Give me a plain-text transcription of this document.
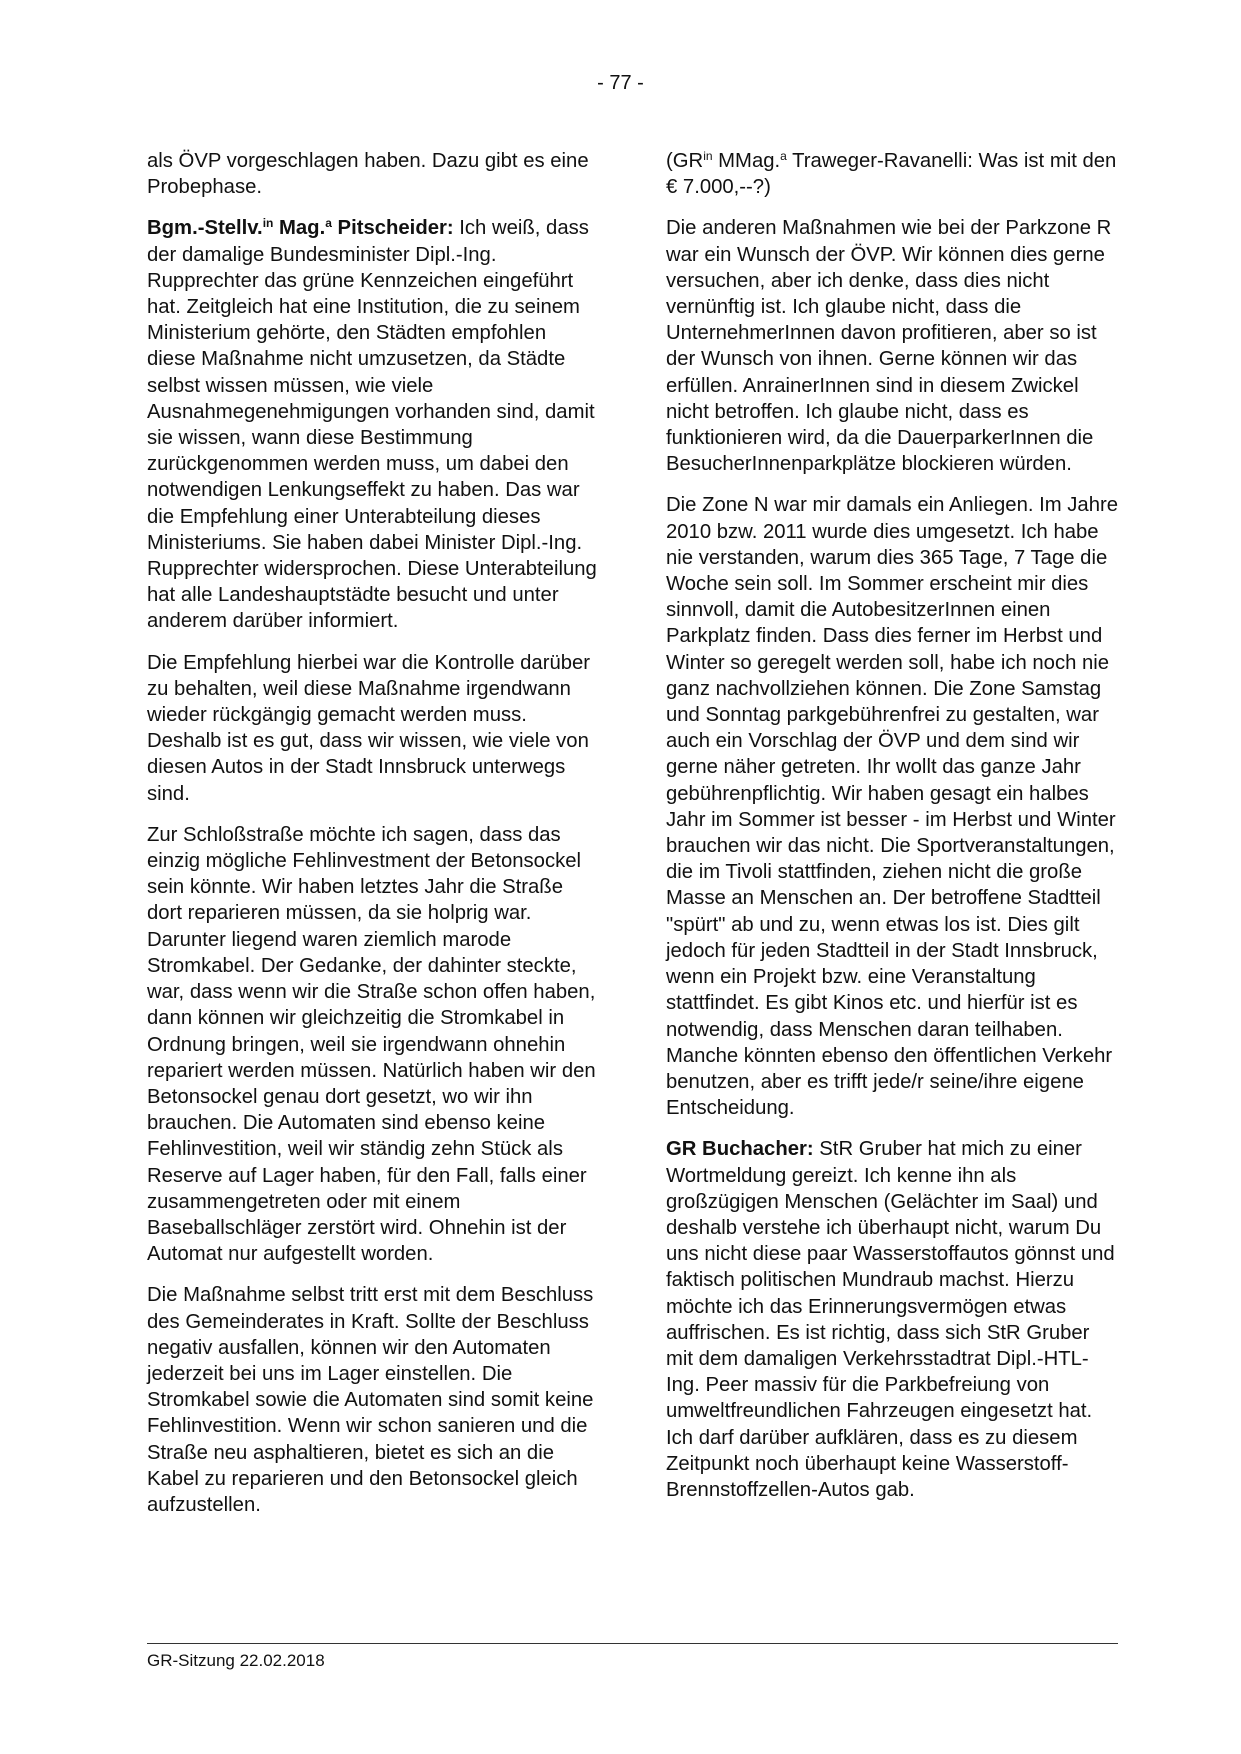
- 77 -

als ÖVP vorgeschlagen haben. Dazu gibt es eine Probephase.

Bgm.-Stellv.$^{in}$ Mag.$^a$ Pitscheider: Ich weiß, dass der damalige Bundesminister Dipl.-Ing. Rupprechter das grüne Kennzeichen eingeführt hat. Zeitgleich hat eine Institution, die zu seinem Ministerium gehörte, den Städten empfohlen diese Maßnahme nicht umzusetzen, da Städte selbst wissen müssen, wie viele Ausnahmegenehmigungen vorhanden sind, damit sie wissen, wann diese Bestimmung zurückgenommen werden muss, um dabei den notwendigen Lenkungseffekt zu haben. Das war die Empfehlung einer Unterabteilung dieses Ministeriums. Sie haben dabei Minister Dipl.-Ing. Rupprechter widersprochen. Diese Unterabteilung hat alle Landeshauptstädte besucht und unter anderem darüber informiert.

Die Empfehlung hierbei war die Kontrolle darüber zu behalten, weil diese Maßnahme irgendwann wieder rückgängig gemacht werden muss. Deshalb ist es gut, dass wir wissen, wie viele von diesen Autos in der Stadt Innsbruck unterwegs sind.

Zur Schloßstraße möchte ich sagen, dass das einzig mögliche Fehlinvestment der Betonsockel sein könnte. Wir haben letztes Jahr die Straße dort reparieren müssen, da sie holprig war. Darunter liegend waren ziemlich marode Stromkabel. Der Gedanke, der dahinter steckte, war, dass wenn wir die Straße schon offen haben, dann können wir gleichzeitig die Stromkabel in Ordnung bringen, weil sie irgendwann ohnehin repariert werden müssen. Natürlich haben wir den Betonsockel genau dort gesetzt, wo wir ihn brauchen. Die Automaten sind ebenso keine Fehlinvestition, weil wir ständig zehn Stück als Reserve auf Lager haben, für den Fall, falls einer zusammengetreten oder mit einem Baseballschläger zerstört wird. Ohnehin ist der Automat nur aufgestellt worden.

Die Maßnahme selbst tritt erst mit dem Beschluss des Gemeinderates in Kraft. Sollte der Beschluss negativ ausfallen, können wir den Automaten jederzeit bei uns im Lager einstellen. Die Stromkabel sowie die Automaten sind somit keine Fehlinvestition. Wenn wir schon sanieren und die Straße neu asphaltieren, bietet es sich an die Kabel zu reparieren und den Betonsockel gleich aufzustellen.

($GR^{in}$ MMag.$^a$ Traweger-Ravanelli: Was ist mit den € 7.000,--?)

Die anderen Maßnahmen wie bei der Parkzone R war ein Wunsch der ÖVP. Wir können dies gerne versuchen, aber ich denke, dass dies nicht vernünftig ist. Ich glaube nicht, dass die UnternehmerInnen davon profitieren, aber so ist der Wunsch von ihnen. Gerne können wir das erfüllen. AnrainerInnen sind in diesem Zwickel nicht betroffen. Ich glaube nicht, dass es funktionieren wird, da die DauerparkerInnen die BesucherInnenparkplätze blockieren würden.

Die Zone N war mir damals ein Anliegen. Im Jahre 2010 bzw. 2011 wurde dies umgesetzt. Ich habe nie verstanden, warum dies 365 Tage, 7 Tage die Woche sein soll. Im Sommer erscheint mir dies sinnvoll, damit die AutobesitzerInnen einen Parkplatz finden. Dass dies ferner im Herbst und Winter so geregelt werden soll, habe ich noch nie ganz nachvollziehen können. Die Zone Samstag und Sonntag parkgebührenfrei zu gestalten, war auch ein Vorschlag der ÖVP und dem sind wir gerne näher getreten. Ihr wollt das ganze Jahr gebührenpflichtig. Wir haben gesagt ein halbes Jahr im Sommer ist besser - im Herbst und Winter brauchen wir das nicht. Die Sportveranstaltungen, die im Tivoli stattfinden, ziehen nicht die große Masse an Menschen an. Der betroffene Stadtteil "spürt" ab und zu, wenn etwas los ist. Dies gilt jedoch für jeden Stadtteil in der Stadt Innsbruck, wenn ein Projekt bzw. eine Veranstaltung stattfindet. Es gibt Kinos etc. und hierfür ist es notwendig, dass Menschen daran teilhaben. Manche könnten ebenso den öffentlichen Verkehr benutzen, aber es trifft jede/r seine/ihre eigene Entscheidung.

GR Buchacher: StR Gruber hat mich zu einer Wortmeldung gereizt. Ich kenne ihn als großzügigen Menschen (Gelächter im Saal) und deshalb verstehe ich überhaupt nicht, warum Du uns nicht diese paar Wasserstoffautos gönnst und faktisch politischen Mundraub machst. Hierzu möchte ich das Erinnerungsvermögen etwas auffrischen. Es ist richtig, dass sich StR Gruber mit dem damaligen Verkehrsstadtrat Dipl.-HTL-Ing. Peer massiv für die Parkbefreiung von umweltfreundlichen Fahrzeugen eingesetzt hat. Ich darf darüber aufklären, dass es zu diesem Zeitpunkt noch überhaupt keine Wasserstoff-Brennstoffzellen-Autos gab.

GR-Sitzung 22.02.2018
